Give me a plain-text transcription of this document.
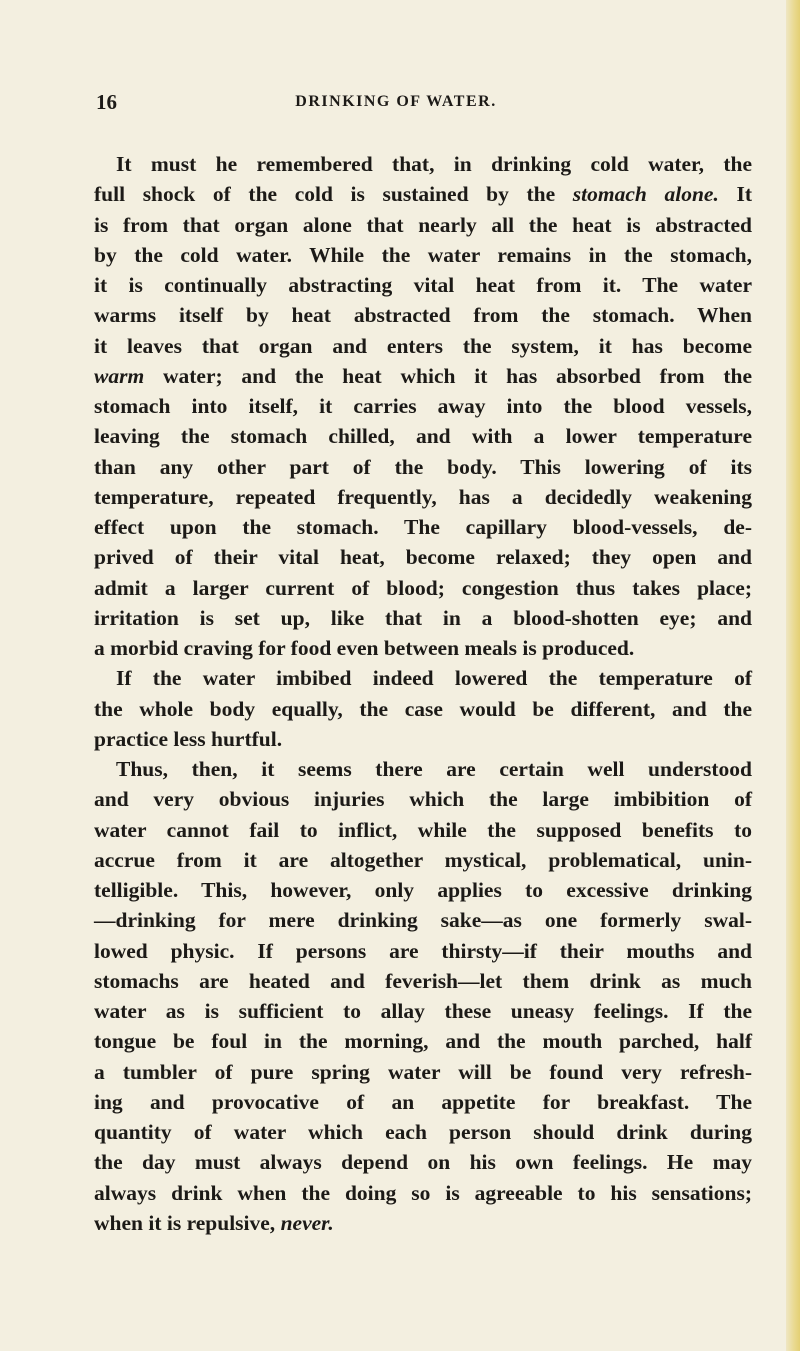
16	DRINKING OF WATER.
It must he remembered that, in drinking cold water, the
full shock of the cold is sustained by the stomach alone. It
is from that organ alone that nearly all the heat is abstracted
by the cold water. While the water remains in the stomach,
it is continually abstracting vital heat from it. The water
warms itself by heat abstracted from the stomach. When
it leaves that organ and enters the system, it has become
warm water; and the heat which it has absorbed from the
stomach into itself, it carries away into the blood vessels,
leaving the stomach chilled, and with a lower temperature
than any other part of the body. This lowering of its
temperature, repeated frequently, has a decidedly weakening
effect upon the stomach. The capillary blood-vessels, de-
prived of their vital heat, become relaxed; they open and
admit a larger current of blood; congestion thus takes place;
irritation is set up, like that in a blood-shotten eye; and
a morbid craving for food even between meals is produced.
If the water imbibed indeed lowered the temperature of
the whole body equally, the case would be different, and the
practice less hurtful.
Thus, then, it seems there are certain well understood
and very obvious injuries which the large imbibition of
water cannot fail to inflict, while the supposed benefits to
accrue from it are altogether mystical, problematical, unin-
telligible. This, however, only applies to excessive drinking
—drinking for mere drinking sake—as one formerly swal-
lowed physic. If persons are thirsty—if their mouths and
stomachs are heated and feverish—let them drink as much
water as is sufficient to allay these uneasy feelings. If the
tongue be foul in the morning, and the mouth parched, half
a tumbler of pure spring water will be found very refresh-
ing and provocative of an appetite for breakfast. The
quantity of water which each person should drink during
the day must always depend on his own feelings. He may
always drink when the doing so is agreeable to his sensations;
when it is repulsive, never.
